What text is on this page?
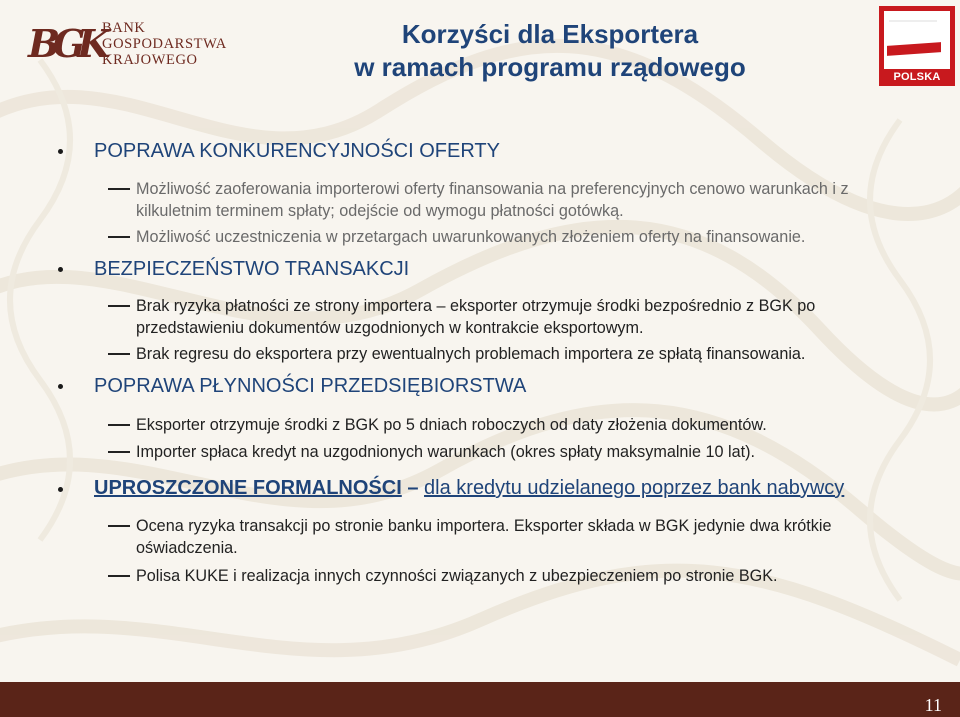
BGK BANK
GOSPODARSTWA
KRAJOWEGO
Korzyści dla Eksportera
w ramach programu rządowego	TERAZ POLSKA
POPRAWA KONKURENCYJNOŚCI OFERTY
Możliwość zaoferowania importerowi oferty finansowania na preferencyjnych cenowo warunkach i z kilkuletnim terminem spłaty; odejście od wymogu płatności gotówką.
Możliwość uczestniczenia w przetargach uwarunkowanych złożeniem oferty na finansowanie.
BEZPIECZEŃSTWO TRANSAKCJI
Brak ryzyka płatności ze strony importera – eksporter otrzymuje środki bezpośrednio z BGK po przedstawieniu dokumentów uzgodnionych w kontrakcie eksportowym.
Brak regresu do eksportera przy ewentualnych problemach importera ze spłatą finansowania.
POPRAWA PŁYNNOŚCI PRZEDSIĘBIORSTWA
Eksporter otrzymuje środki z BGK po 5 dniach roboczych od daty złożenia dokumentów.
Importer spłaca kredyt na uzgodnionych warunkach (okres spłaty maksymalnie 10 lat).
UPROSZCZONE FORMALNOŚCI – dla kredytu udzielanego poprzez bank nabywcy
Ocena ryzyka transakcji po stronie banku importera. Eksporter składa w BGK jedynie dwa krótkie oświadczenia.
Polisa KUKE i realizacja innych czynności związanych z ubezpieczeniem po stronie BGK.
11
